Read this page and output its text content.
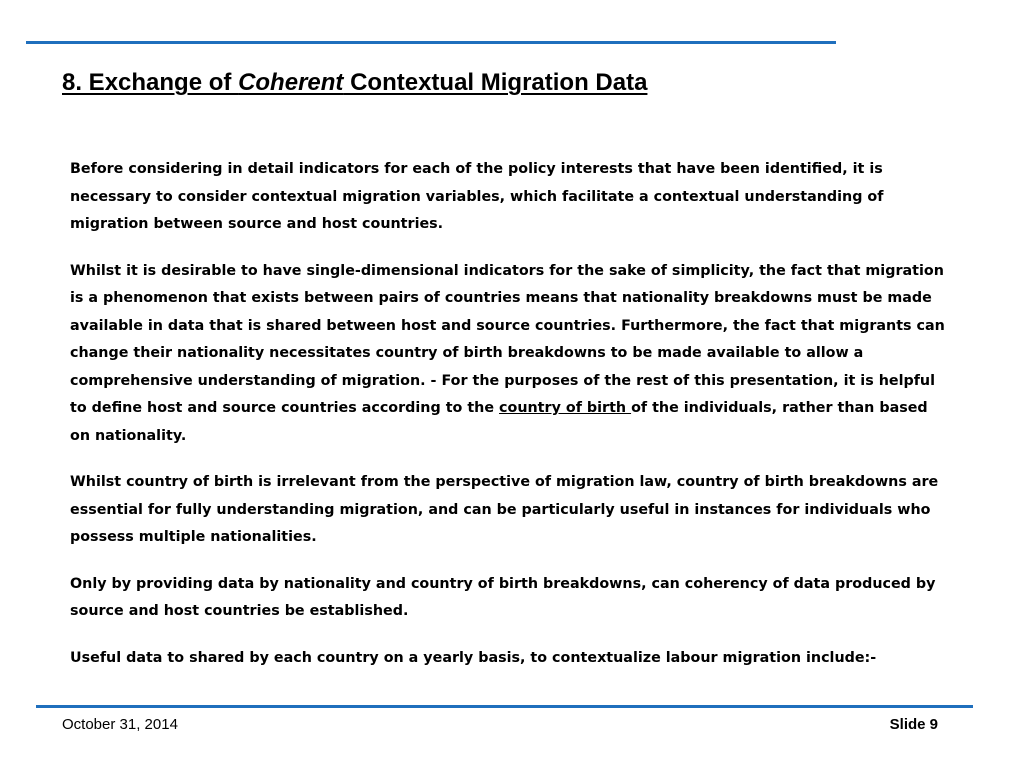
8. Exchange of Coherent Contextual Migration Data

Before considering in detail indicators for each of the policy interests that have been identified, it is necessary to consider contextual migration variables, which facilitate a contextual understanding of migration between source and host countries.

Whilst it is desirable to have single-dimensional indicators for the sake of simplicity, the fact that migration is a phenomenon that exists between pairs of countries means that nationality breakdowns must be made available in data that is shared between host and source countries. Furthermore, the fact that migrants can change their nationality necessitates country of birth breakdowns to be made available to allow a comprehensive understanding of migration. - For the purposes of the rest of this presentation, it is helpful to define host and source countries according to the country of birth of the individuals, rather than based on nationality.

Whilst country of birth is irrelevant from the perspective of migration law, country of birth breakdowns are essential for fully understanding migration, and can be particularly useful in instances for individuals who possess multiple nationalities.

Only by providing data by nationality and country of birth breakdowns, can coherency of data produced by source and host countries be established.

Useful data to shared by each country on a yearly basis, to contextualize labour migration include:-

October 31, 2014	Slide 9
